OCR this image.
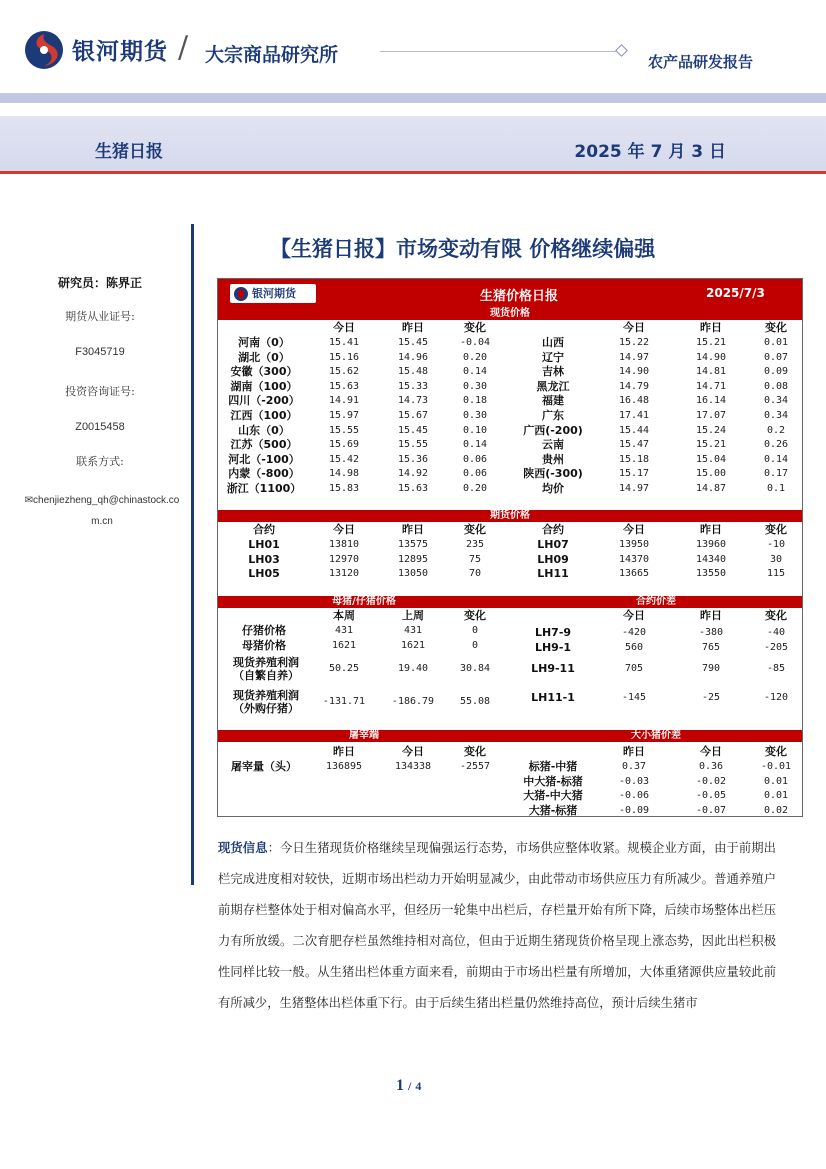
银河期货 / 大宗商品研究所	农产品研发报告
生猪日报	2025 年 7 月 3 日
研究员：陈界正
期货从业证号:
F3045719
投资咨询证号:
Z0015458
联系方式:
✉chenjiezheng_qh@chinastock.com.cn
【生猪日报】市场变动有限 价格继续偏强
银河期货	生猪价格日报	2025/7/3
现货价格
期货价格
母猪/仔猪价格	合约价差
屠宰端	大小猪价差
今日	今日
昨日	昨日
变化	变化
河南（0）	15.41	15.45	-0.04
湖北（0）	15.16	14.96	0.20
安徽（300）	15.62	15.48	0.14
湖南（100）	15.63	15.33	0.30
四川（-200）	14.91	14.73	0.18
江西（100）	15.97	15.67	0.30
山东（0）	15.55	15.45	0.10
江苏（500）	15.69	15.55	0.14
河北（-100）	15.42	15.36	0.06
内蒙（-800）	14.98	14.92	0.06
浙江（1100）	15.83	15.63	0.20
山西	15.22	15.21	0.01
辽宁	14.97	14.90	0.07
吉林	14.90	14.81	0.09
黑龙江	14.79	14.71	0.08
福建	16.48	16.14	0.34
广东	17.41	17.07	0.34
广西(-200)	15.44	15.24	0.2
云南	15.47	15.21	0.26
贵州	15.18	15.04	0.14
陕西(-300)	15.17	15.00	0.17
均价	14.97	14.87	0.1
合约	合约
今日	今日
昨日	昨日
变化	变化
LH01	13810	13575	235
LH03	12970	12895	75
LH05	13120	13050	70
LH07	13950	13960	-10
LH09	14370	14340	30
LH11	13665	13550	115
本周	上周	变化
仔猪价格	431	431	0
母猪价格	1621	1621	0
现货养殖利润
（自繁自养）
50.25	19.40	30.84
现货养殖利润
（外购仔猪）
-131.71	-186.79	55.08
今日	昨日	变化
LH7-9	-420	-380	-40
LH9-1	560	765	-205
LH9-11	705	790	-85
LH11-1	-145	-25	-120
昨日	今日	变化
屠宰量（头）	136895	134338	-2557
昨日	今日	变化
标猪-中猪	0.37	0.36	-0.01
中大猪-标猪	-0.03	-0.02	0.01
大猪-中大猪	-0.06	-0.05	0.01
大猪-标猪	-0.09	-0.07	0.02
现货信息：今日生猪现货价格继续呈现偏强运行态势，市场供应整体收紧。规模企业方面，由于前期出栏完成进度相对较快，近期市场出栏动力开始明显减少，由此带动市场供应压力有所减少。普通养殖户前期存栏整体处于相对偏高水平，但经历一轮集中出栏后，存栏量开始有所下降，后续市场整体出栏压力有所放缓。二次育肥存栏虽然维持相对高位，但由于近期生猪现货价格呈现上涨态势，因此出栏积极性同样比较一般。从生猪出栏体重方面来看，前期由于市场出栏量有所增加，大体重猪源供应量较此前有所减少，生猪整体出栏体重下行。由于后续生猪出栏量仍然维持高位，预计后续生猪市
1 / 4
